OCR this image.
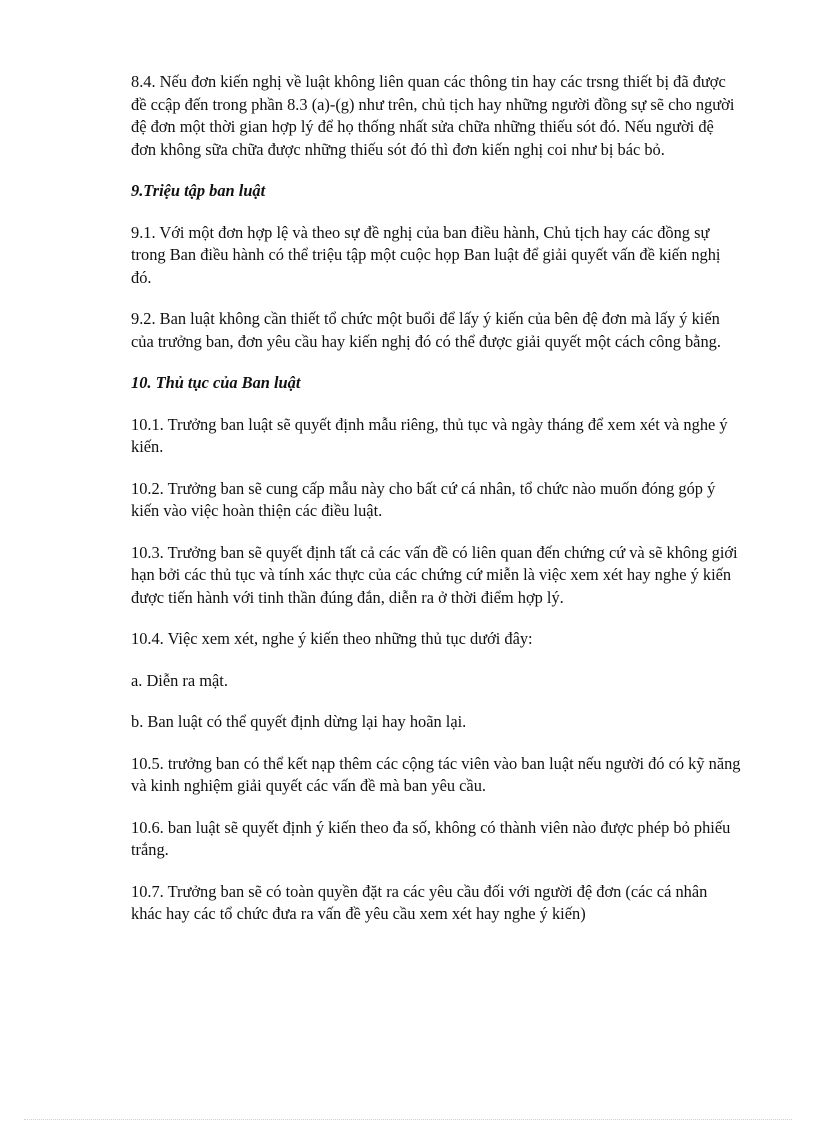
8.4. Nếu đơn kiến nghị về luật không liên quan các thông tin hay các trsng thiết bị đã được đề ccập đến trong phần 8.3 (a)-(g) như trên, chủ tịch hay những người đồng sự sẽ cho người đệ đơn một thời gian hợp lý để họ thống nhất sửa chữa những thiếu sót đó. Nếu người đệ đơn không sữa chữa được những thiếu sót đó thì đơn kiến nghị coi như bị bác bỏ.

9.Triệu tập ban luật

9.1. Với một đơn hợp lệ và theo sự đề nghị của ban điều hành, Chủ tịch hay các đồng sự trong Ban điều hành có thể triệu tập một cuộc họp Ban luật để giải quyết vấn đề kiến nghị đó.

9.2. Ban luật không cần thiết tổ chức một buổi để lấy ý kiến của bên đệ đơn mà lấy ý kiến của trưởng ban, đơn yêu cầu hay kiến nghị đó có thể được giải quyết một cách công bằng.

10. Thủ tục của Ban luật

10.1. Trưởng ban luật sẽ quyết định mẫu riêng, thủ tục và ngày tháng để xem xét và nghe ý kiến.

10.2. Trưởng ban sẽ cung cấp mẫu này cho bất cứ cá nhân, tổ chức nào muốn đóng góp ý kiến vào việc hoàn thiện các điều luật.

10.3. Trưởng ban sẽ quyết định tất cả các vấn đề có liên quan đến chứng cứ và sẽ không giới hạn bởi các thủ tục và tính xác thực của các chứng cứ miễn là việc xem xét hay nghe ý kiến được tiến hành với tinh thần đúng đắn, diễn ra ở thời điểm hợp lý.

10.4. Việc xem xét, nghe ý kiến theo những thủ tục dưới đây:

a. Diễn ra mật.

b. Ban luật có thể quyết định dừng lại hay hoãn lại.

10.5. trưởng ban có thể kết nạp thêm các cộng tác viên vào ban luật nếu người đó có kỹ năng và kinh nghiệm giải quyết các vấn đề mà ban yêu cầu.

10.6. ban luật sẽ quyết định ý kiến theo đa số, không có thành viên nào được phép bỏ phiếu trắng.

10.7. Trưởng ban sẽ có toàn quyền đặt ra các yêu cầu đối với người đệ đơn (các cá nhân khác hay các tổ chức đưa ra vấn đề yêu cầu xem xét hay nghe ý kiến)
